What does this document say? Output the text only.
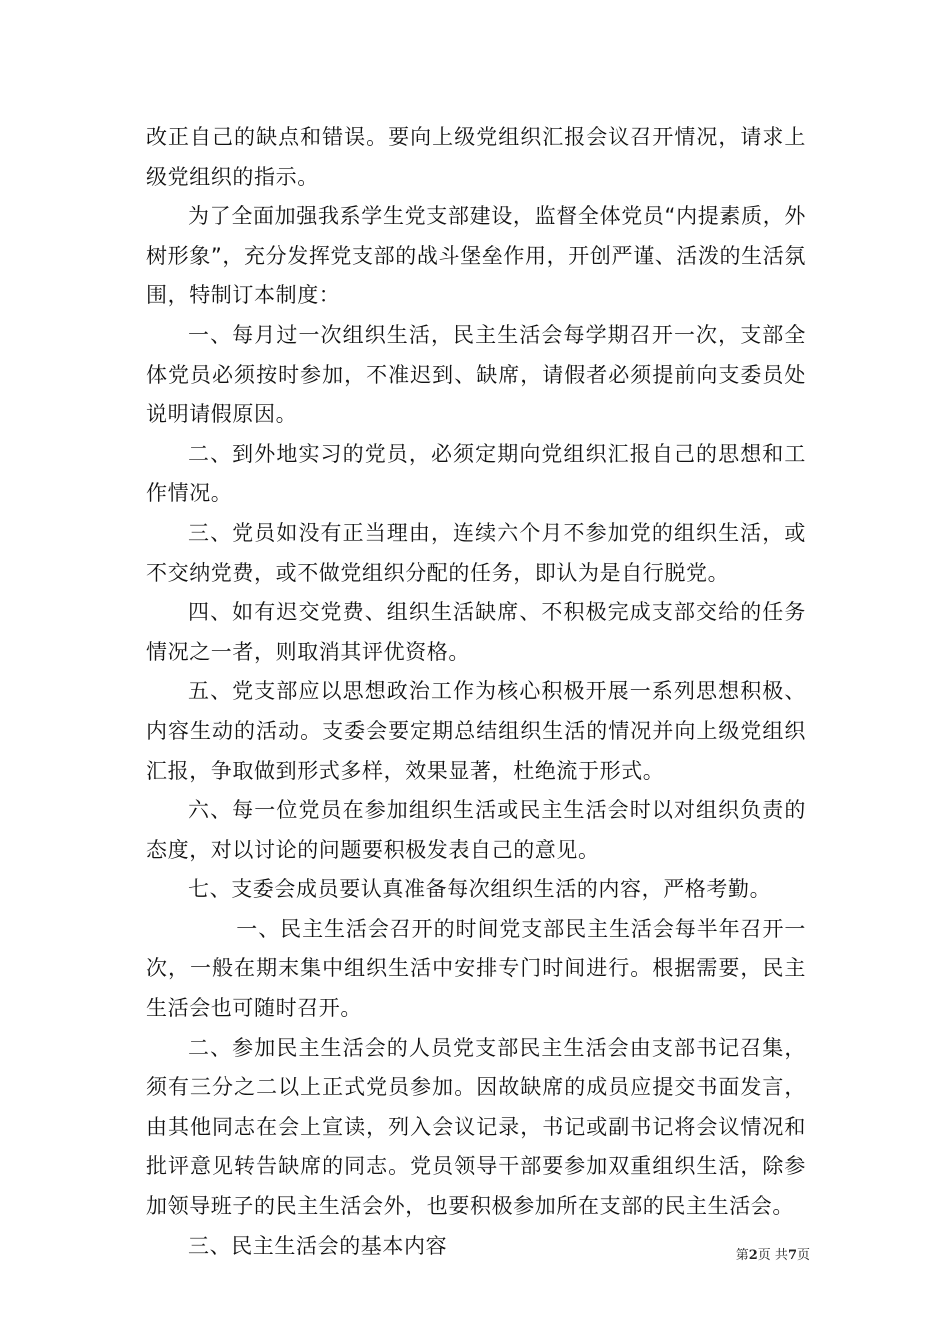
改正自己的缺点和错误。要向上级党组织汇报会议召开情况，请求上级党组织的指示。

为了全面加强我系学生党支部建设，监督全体党员“内提素质，外树形象”，充分发挥党支部的战斗堡垒作用，开创严谨、活泼的生活氛围，特制订本制度：

一、每月过一次组织生活，民主生活会每学期召开一次，支部全体党员必须按时参加，不准迟到、缺席，请假者必须提前向支委员处说明请假原因。

二、到外地实习的党员，必须定期向党组织汇报自己的思想和工作情况。

三、党员如没有正当理由，连续六个月不参加党的组织生活，或不交纳党费，或不做党组织分配的任务，即认为是自行脱党。

四、如有迟交党费、组织生活缺席、不积极完成支部交给的任务情况之一者，则取消其评优资格。

五、党支部应以思想政治工作为核心积极开展一系列思想积极、内容生动的活动。支委会要定期总结组织生活的情况并向上级党组织汇报，争取做到形式多样，效果显著，杜绝流于形式。

六、每一位党员在参加组织生活或民主生活会时以对组织负责的态度，对以讨论的问题要积极发表自己的意见。

七、支委会成员要认真准备每次组织生活的内容，严格考勤。

一、民主生活会召开的时间党支部民主生活会每半年召开一次，一般在期末集中组织生活中安排专门时间进行。根据需要，民主生活会也可随时召开。

二、参加民主生活会的人员党支部民主生活会由支部书记召集，须有三分之二以上正式党员参加。因故缺席的成员应提交书面发言，由其他同志在会上宣读，列入会议记录，书记或副书记将会议情况和批评意见转告缺席的同志。党员领导干部要参加双重组织生活，除参加领导班子的民主生活会外，也要积极参加所在支部的民主生活会。

三、民主生活会的基本内容	第2页 共7页
